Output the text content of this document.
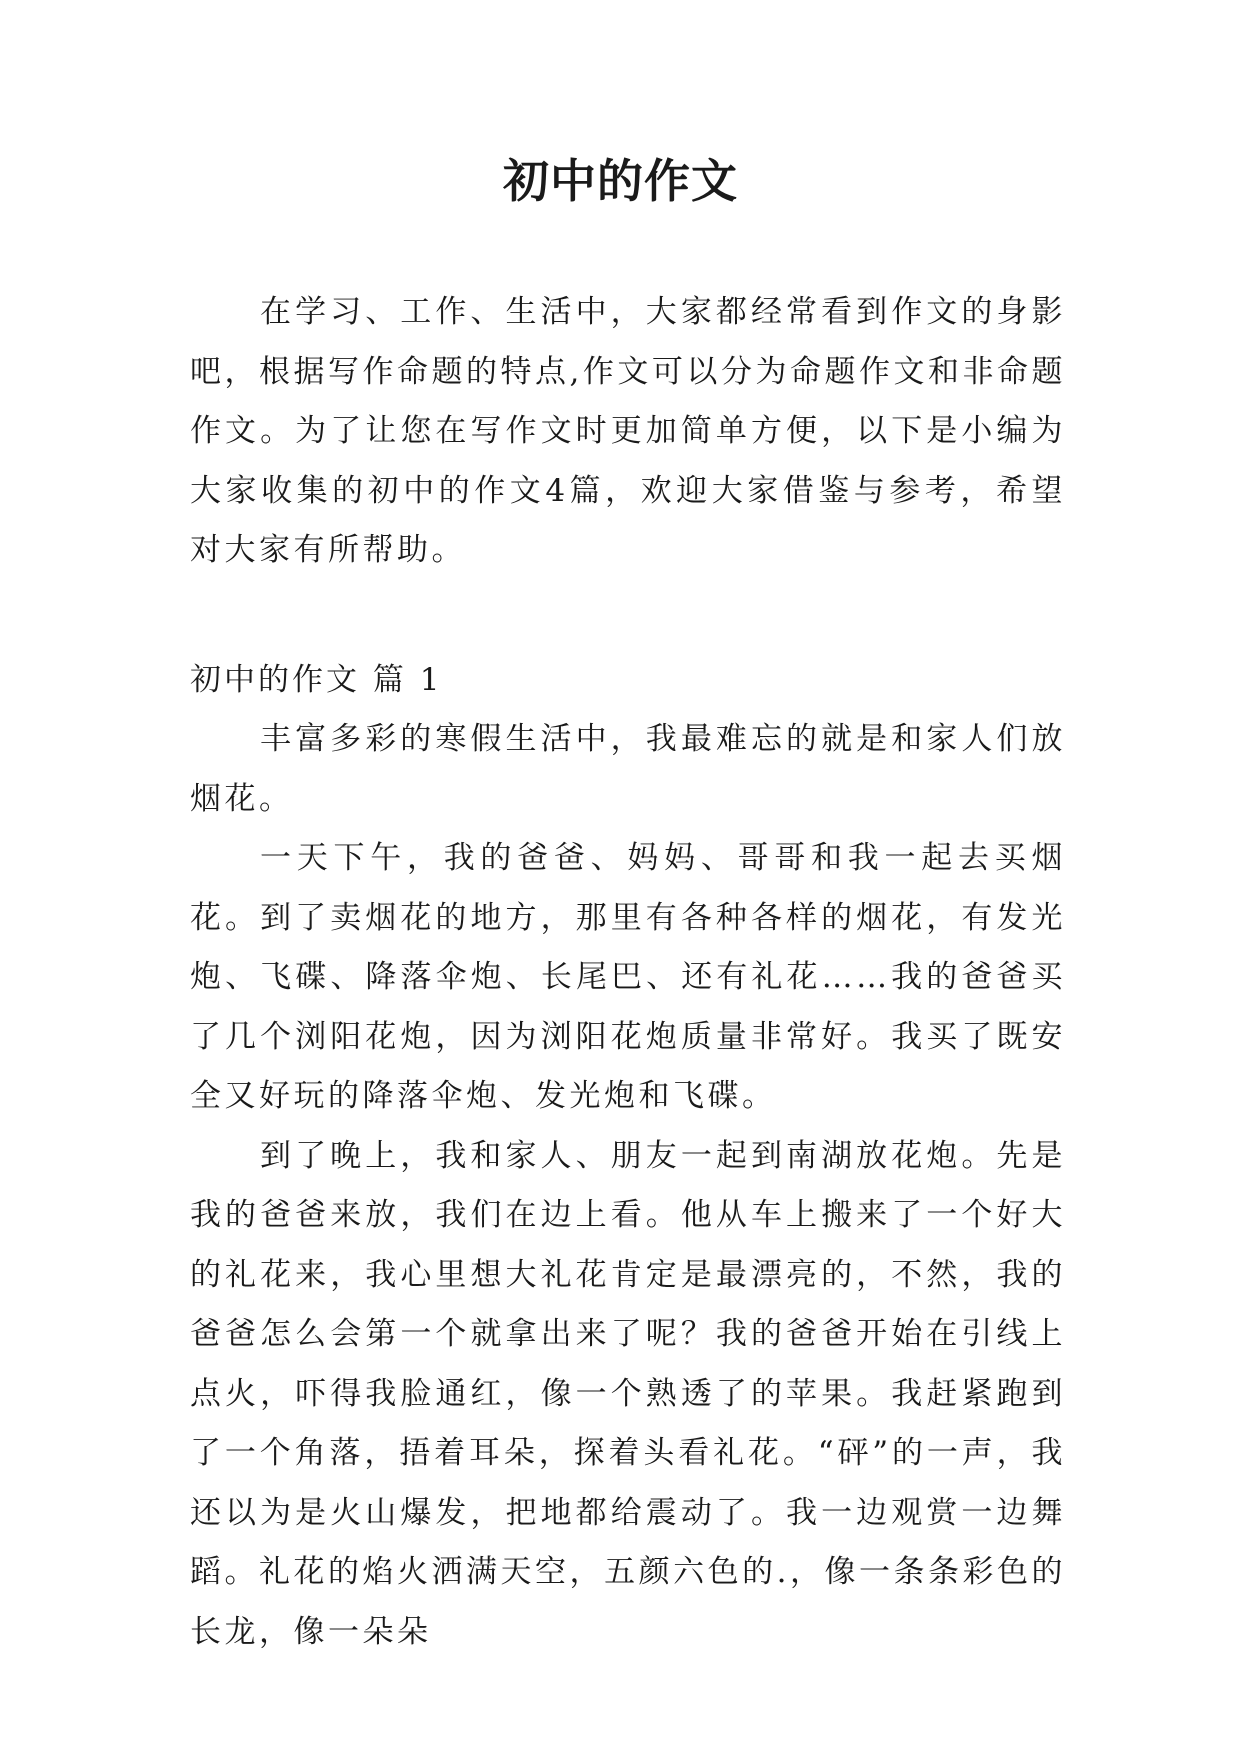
初中的作文

在学习、工作、生活中，大家都经常看到作文的身影吧，根据写作命题的特点,作文可以分为命题作文和非命题作文。为了让您在写作文时更加简单方便，以下是小编为大家收集的初中的作文4篇，欢迎大家借鉴与参考，希望对大家有所帮助。

初中的作文 篇 1

丰富多彩的寒假生活中，我最难忘的就是和家人们放烟花。

一天下午，我的爸爸、妈妈、哥哥和我一起去买烟花。到了卖烟花的地方，那里有各种各样的烟花，有发光炮、飞碟、降落伞炮、长尾巴、还有礼花……我的爸爸买了几个浏阳花炮，因为浏阳花炮质量非常好。我买了既安全又好玩的降落伞炮、发光炮和飞碟。

到了晚上，我和家人、朋友一起到南湖放花炮。先是我的爸爸来放，我们在边上看。他从车上搬来了一个好大的礼花来，我心里想大礼花肯定是最漂亮的，不然，我的爸爸怎么会第一个就拿出来了呢？我的爸爸开始在引线上点火，吓得我脸通红，像一个熟透了的苹果。我赶紧跑到了一个角落，捂着耳朵，探着头看礼花。“砰”的一声，我还以为是火山爆发，把地都给震动了。我一边观赏一边舞蹈。礼花的焰火洒满天空，五颜六色的.，像一条条彩色的长龙，像一朵朵
